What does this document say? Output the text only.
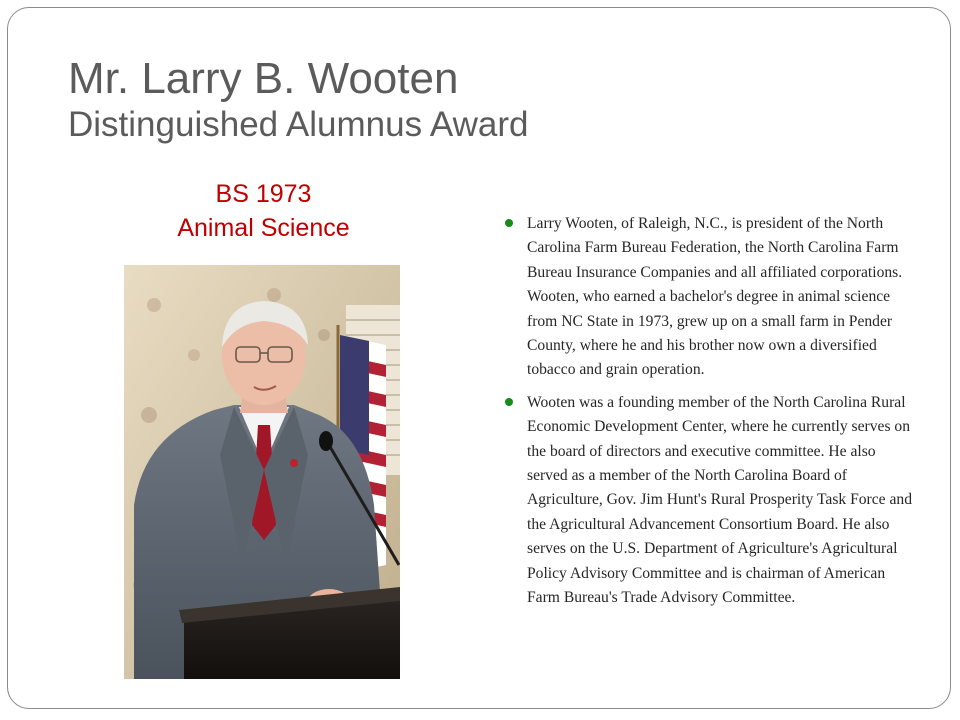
Mr. Larry B. Wooten
Distinguished Alumnus Award
BS 1973
Animal Science	Larry Wooten, of Raleigh, N.C., is president of the North Carolina Farm Bureau Federation, the North Carolina Farm Bureau Insurance Companies and all affiliated corporations. Wooten, who earned a bachelor's degree in animal science from NC State in 1973, grew up on a small farm in Pender County, where he and his brother now own a diversified tobacco and grain operation.
Wooten was a founding member of the North Carolina Rural Economic Development Center, where he currently serves on the board of directors and executive committee. He also served as a member of the North Carolina Board of Agriculture, Gov. Jim Hunt's Rural Prosperity Task Force and the Agricultural Advancement Consortium Board. He also serves on the U.S. Department of Agriculture's Agricultural Policy Advisory Committee and is chairman of American Farm Bureau's Trade Advisory Committee.
